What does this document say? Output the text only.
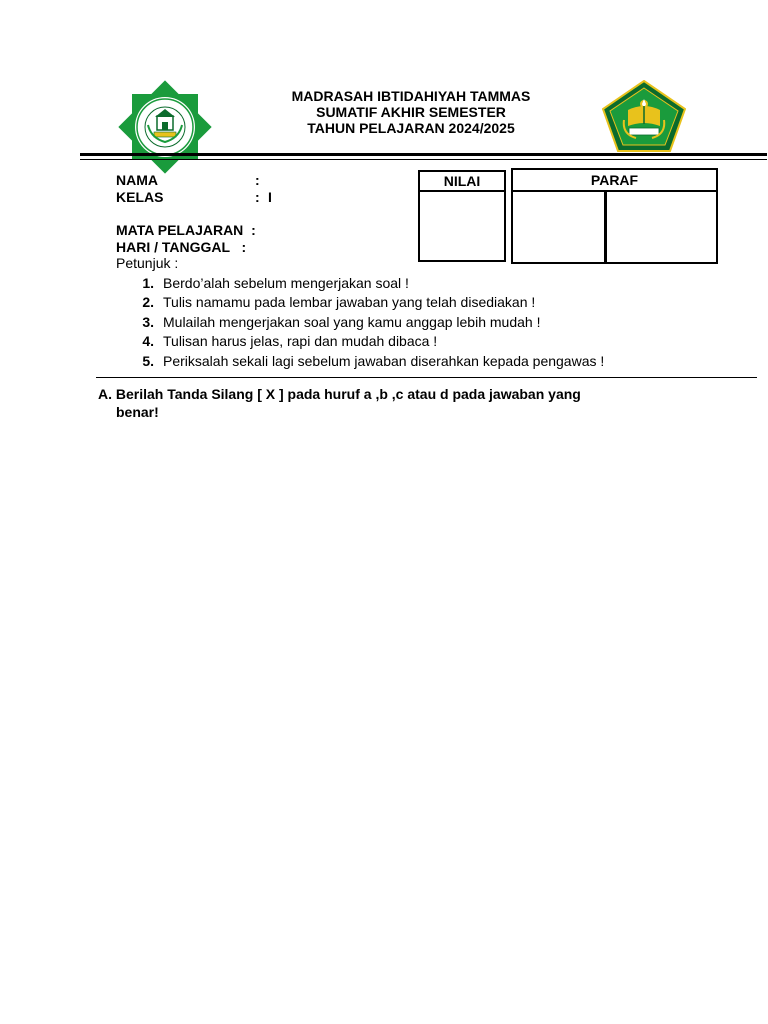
MADRASAH IBTIDAHIYAH TAMMAS
SUMATIF AKHIR SEMESTER
TAHUN PELAJARAN 2024/2025
NAMA	:
KELAS	: I
MATA PELAJARAN  :
HARI / TANGGAL   :
NILAI	PARAF
Petunjuk :
1. Berdo’alah sebelum mengerjakan soal !
2. Tulis namamu pada lembar jawaban yang telah disediakan !
3. Mulailah mengerjakan soal yang kamu anggap lebih mudah !
4. Tulisan harus jelas, rapi dan mudah dibaca !
5. Periksalah sekali lagi sebelum jawaban diserahkan kepada pengawas !
A. Berilah Tanda Silang [ X ] pada huruf a ,b ,c atau d pada jawaban yang
benar!
